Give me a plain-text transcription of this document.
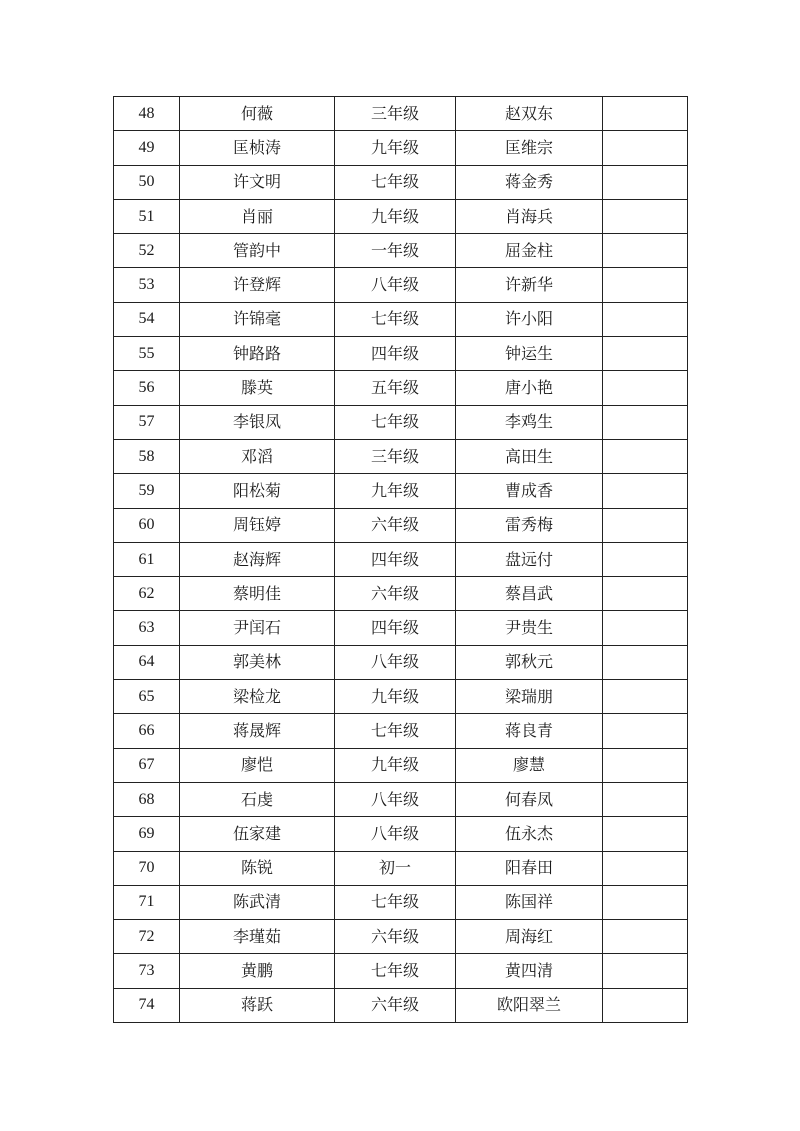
48	何薇	三年级	赵双东	
49	匡桢涛	九年级	匡维宗	
50	许文明	七年级	蒋金秀	
51	肖丽	九年级	肖海兵	
52	管韵中	一年级	屈金柱	
53	许登辉	八年级	许新华	
54	许锦毫	七年级	许小阳	
55	钟路路	四年级	钟运生	
56	滕英	五年级	唐小艳	
57	李银凤	七年级	李鸡生	
58	邓滔	三年级	高田生	
59	阳松菊	九年级	曹成香	
60	周钰婷	六年级	雷秀梅	
61	赵海辉	四年级	盘远付	
62	蔡明佳	六年级	蔡昌武	
63	尹闰石	四年级	尹贵生	
64	郭美林	八年级	郭秋元	
65	梁检龙	九年级	梁瑞朋	
66	蒋晟辉	七年级	蒋良青	
67	廖恺	九年级	廖慧	
68	石虔	八年级	何春凤	
69	伍家建	八年级	伍永杰	
70	陈锐	初一	阳春田	
71	陈武清	七年级	陈国祥	
72	李瑾茹	六年级	周海红	
73	黄鹏	七年级	黄四清	
74	蒋跃	六年级	欧阳翠兰	
